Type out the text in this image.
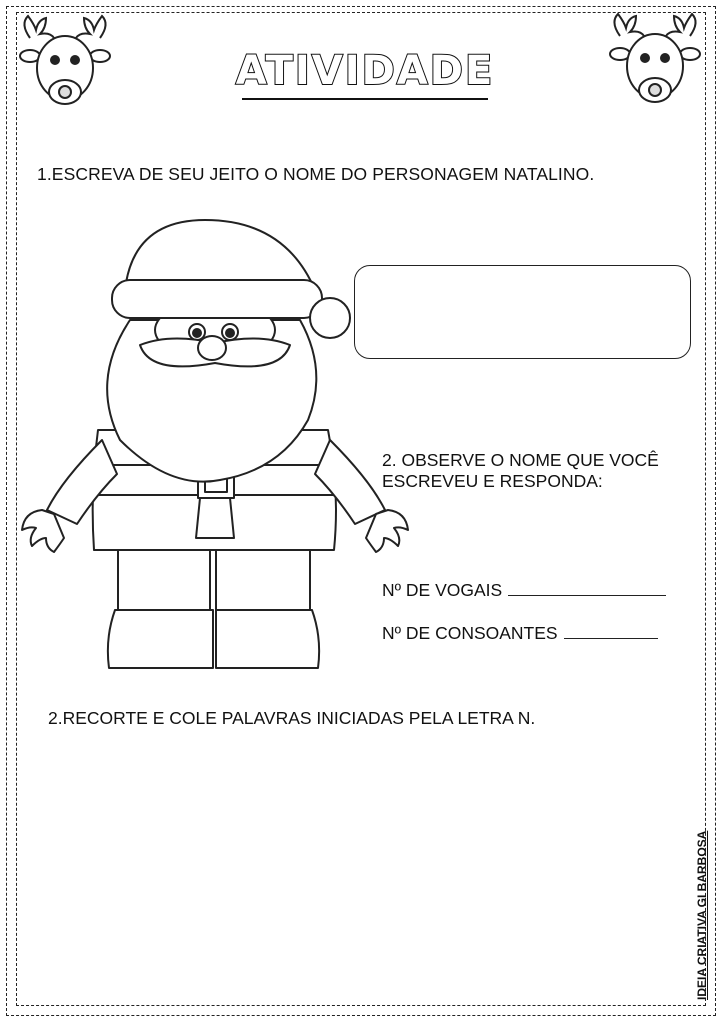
ATIVIDADE
1.ESCREVA DE SEU JEITO O NOME DO PERSONAGEM NATALINO.
2. OBSERVE O NOME QUE VOCÊ
ESCREVEU E RESPONDA:
Nº DE VOGAIS
Nº DE CONSOANTES
2.RECORTE E COLE PALAVRAS INICIADAS PELA LETRA N.
IDEIA CRIATIVA GI BARBOSA
